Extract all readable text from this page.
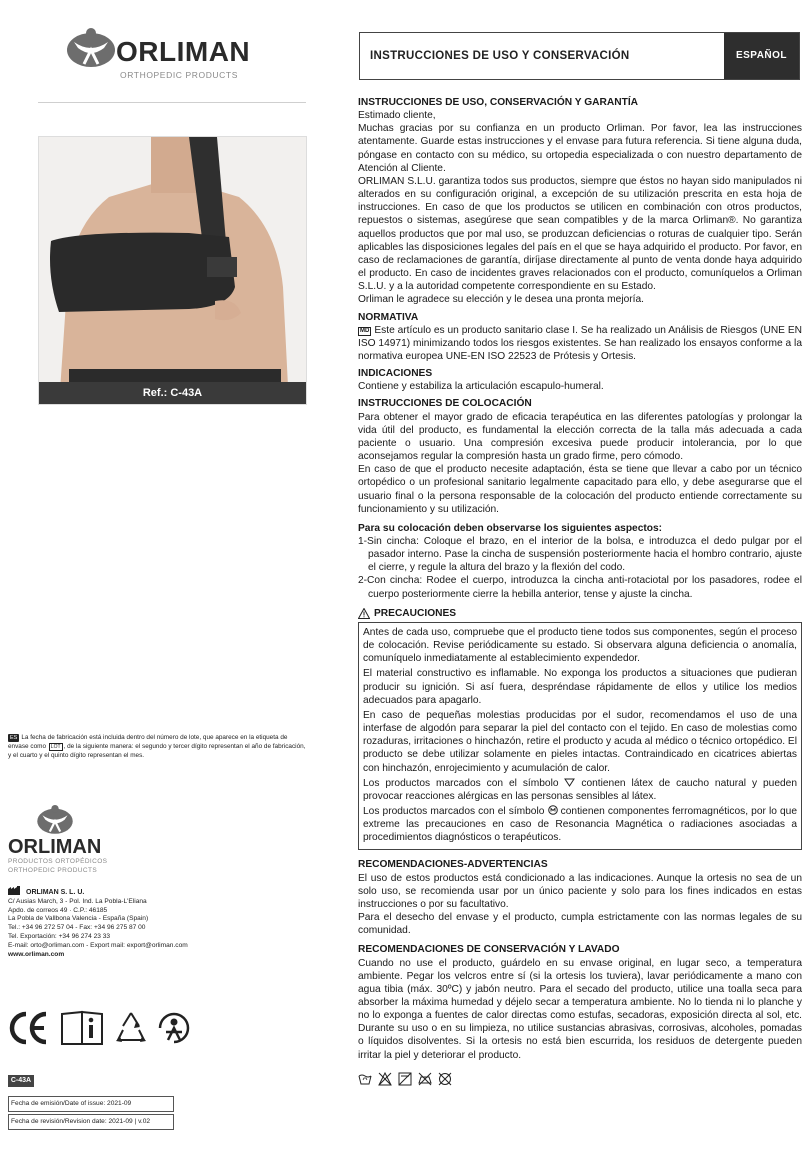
ORLIMAN
ORTHOPEDIC PRODUCTS
Ref.: C-43A
ES La fecha de fabricación está incluida dentro del número de lote, que aparece en la etiqueta de envase como LOT , de la siguiente manera: el segundo y tercer dígito representan el año de fabricación, y el cuarto y el quinto dígito representan el mes.
ORLIMAN
PRODUCTOS ORTOPÉDICOS
ORTHOPEDIC PRODUCTS
ORLIMAN S. L. U.
C/ Ausias March, 3 - Pol. Ind. La Pobla-L'Eliana
Apdo. de correos 49 · C.P.: 46185
La Pobla de Vallbona Valencia - España (Spain)
Tel.: +34 96 272 57 04 - Fax: +34 96 275 87 00
Tel. Exportación: +34 96 274 23 33
E-mail: orto@orliman.com - Export mail: export@orliman.com
www.orliman.com
C-43A
Fecha de emisión/Date of issue: 2021-09
Fecha de revisión/Revision date: 2021-09 | v.02
INSTRUCCIONES DE USO Y CONSERVACIÓN	ESPAÑOL
INSTRUCCIONES DE USO, CONSERVACIÓN Y GARANTÍA

Estimado cliente,

Muchas gracias por su confianza en un producto Orliman. Por favor, lea las instrucciones atentamente. Guarde estas instrucciones y el envase para futura referencia. Si tiene alguna duda, póngase en contacto con su médico, su ortopedia especializada o con nuestro departamento de Atención al Cliente.

ORLIMAN S.L.U. garantiza todos sus productos, siempre que éstos no hayan sido manipulados ni alterados en su configuración original, a excepción de su utilización prescrita en esta hoja de instrucciones. En caso de que los productos se utilicen en combinación con otros productos, repuestos o sistemas, asegúrese que sean compatibles y de la marca Orliman®. No garantiza aquellos productos que por mal uso, se produzcan deficiencias o roturas de cualquier tipo. Serán aplicables las disposiciones legales del país en el que se haya adquirido el producto. Por favor, en caso de reclamaciones de garantía, diríjase directamente al punto de venta donde haya adquirido el producto. En caso de incidentes graves relacionados con el producto, comuníquelos a Orliman S.L.U. y a la autoridad competente correspondiente en su Estado.

Orliman le agradece su elección y le desea una pronta mejoría.

NORMATIVA

MD Este artículo es un producto sanitario clase I. Se ha realizado un Análisis de Riesgos (UNE EN ISO 14971) minimizando todos los riesgos existentes. Se han realizado los ensayos conforme a la normativa europea UNE-EN ISO 22523 de Prótesis y Ortesis.

INDICACIONES

Contiene y estabiliza la articulación escapulo-humeral.

INSTRUCCIONES DE COLOCACIÓN

Para obtener el mayor grado de eficacia terapéutica en las diferentes patologías y prolongar la vida útil del producto, es fundamental la elección correcta de la talla más adecuada a cada paciente o usuario. Una compresión excesiva puede producir intolerancia, por lo que aconsejamos regular la compresión hasta un grado firme, pero cómodo.

En caso de que el producto necesite adaptación, ésta se tiene que llevar a cabo por un técnico ortopédico o un profesional sanitario legalmente capacitado para ello, y debe asegurarse que el usuario final o la persona responsable de la colocación del producto entiende correctamente su funcionamiento y su utilización.

Para su colocación deben observarse los siguientes aspectos:

1-Sin cincha: Coloque el brazo, en el interior de la bolsa, e introduzca el dedo pulgar por el pasador interno. Pase la cincha de suspensión posteriormente hacia el hombro contrario, ajuste el cierre, y regule la altura del brazo y la flexión del codo.

2-Con cincha: Rodee el cuerpo, introduzca la cincha anti-rotaciotal por los pasadores, rodee el cuerpo posteriormente cierre la hebilla anterior, tense y ajuste la cincha.

PRECAUCIONES

Antes de cada uso, compruebe que el producto tiene todos sus componentes, según el proceso de colocación. Revise periódicamente su estado. Si observara alguna deficiencia o anomalía, comuníquelo inmediatamente al establecimiento expendedor.

El material constructivo es inflamable. No exponga los productos a situaciones que pudieran producir su ignición. Si así fuera, despréndase rápidamente de ellos y utilice los medios adecuados para apagarlo.

En caso de pequeñas molestias producidas por el sudor, recomendamos el uso de una interfase de algodón para separar la piel del contacto con el tejido. En caso de molestias como rozaduras, irritaciones o hinchazón, retire el producto y acuda al médico o técnico ortopédico. El producto se debe utilizar solamente en pieles intactas. Contraindicado en cicatrices abiertas con hinchazón, enrojecimiento y acumulación de calor.

Los productos marcados con el símbolo contienen látex de caucho natural y pueden provocar reacciones alérgicas en las personas sensibles al látex.

Los productos marcados con el símbolo contienen componentes ferromagnéticos, por lo que extreme las precauciones en caso de Resonancia Magnética o radiaciones asociadas a procedimientos diagnósticos o terapéuticos.

RECOMENDACIONES-ADVERTENCIAS

El uso de estos productos está condicionado a las indicaciones. Aunque la ortesis no sea de un solo uso, se recomienda usar por un único paciente y solo para los fines indicados en estas instrucciones o por su facultativo.

Para el desecho del envase y el producto, cumpla estrictamente con las normas legales de su comunidad.

RECOMENDACIONES DE CONSERVACIÓN Y LAVADO

Cuando no use el producto, guárdelo en su envase original, en lugar seco, a temperatura ambiente. Pegar los velcros entre sí (si la ortesis los tuviera), lavar periódicamente a mano con agua tibia (máx. 30ºC) y jabón neutro. Para el secado del producto, utilice una toalla seca para absorber la máxima humedad y déjelo secar a temperatura ambiente. No lo tienda ni lo planche y no lo exponga a fuentes de calor directas como estufas, secadoras, exposición directa al sol, etc. Durante su uso o en su limpieza, no utilice sustancias abrasivas, corrosivas, alcoholes, pomadas o líquidos disolventes. Si la ortesis no está bien escurrida, los residuos de detergente pueden irritar la piel y deteriorar el producto.
